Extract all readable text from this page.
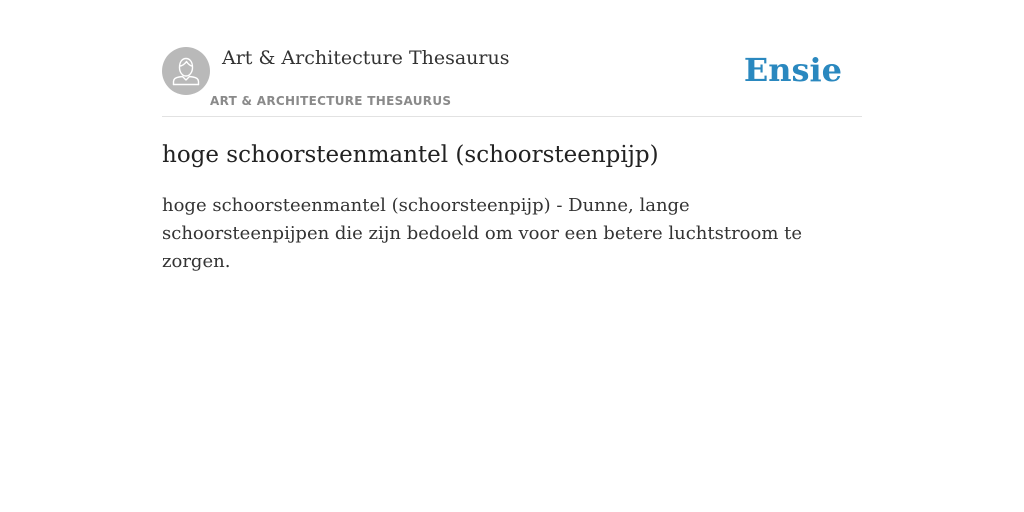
Art & Architecture Thesaurus
ART & ARCHITECTURE THESAURUS
Ensie
hoge schoorsteenmantel (schoorsteenpijp)

hoge schoorsteenmantel (schoorsteenpijp) - Dunne, lange schoorsteenpijpen die zijn bedoeld om voor een betere luchtstroom te zorgen.
